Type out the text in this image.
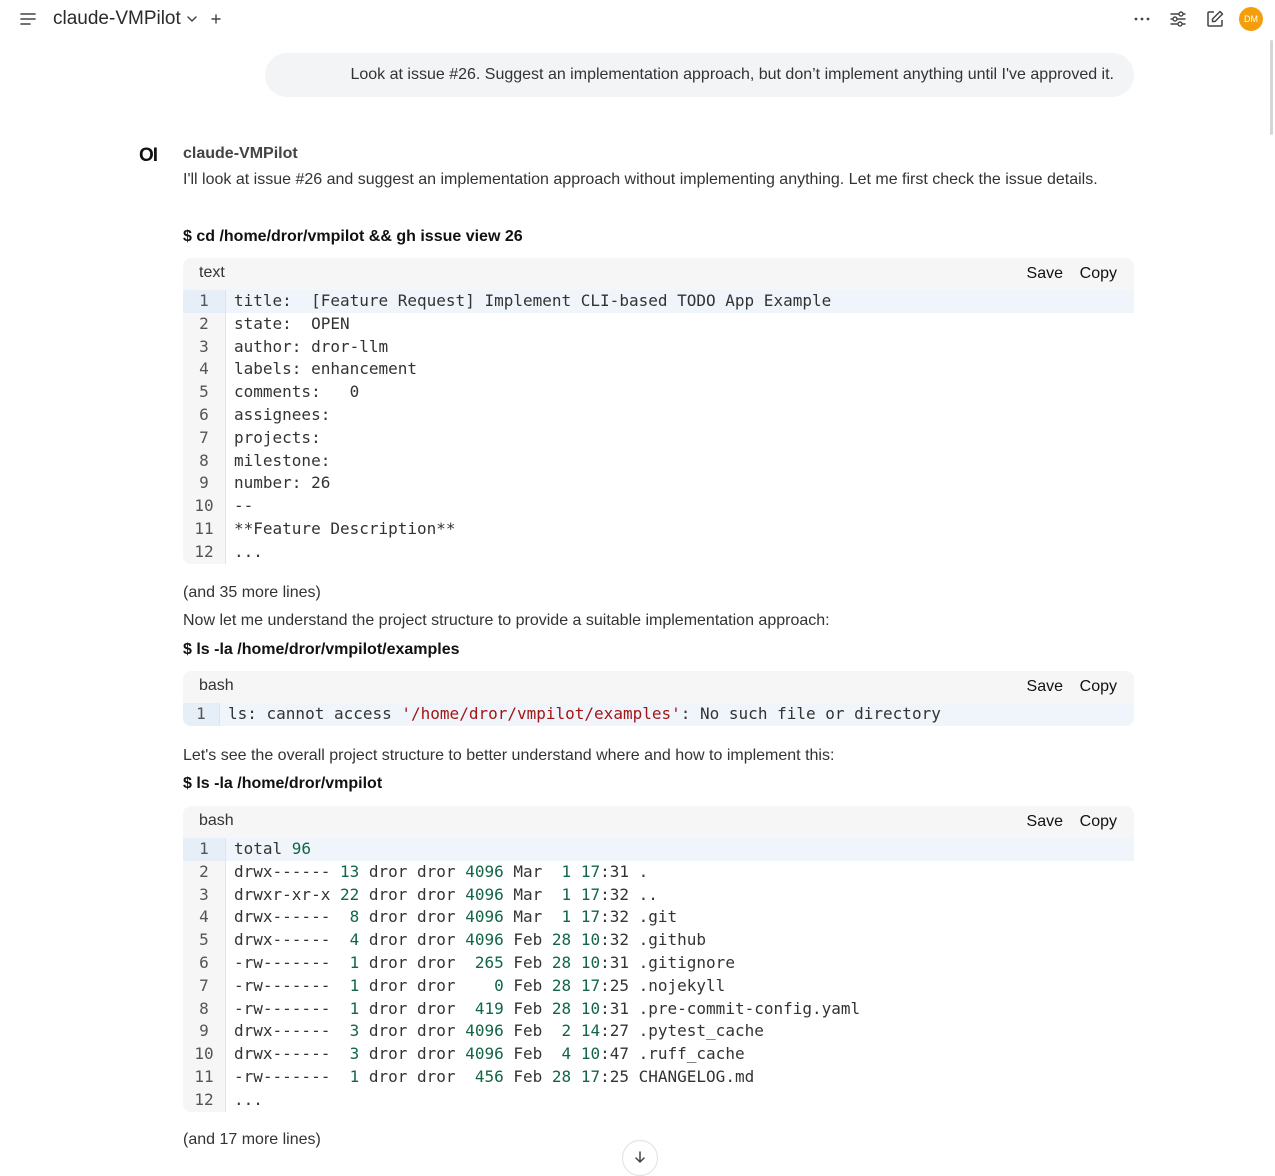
claude-VMPilot	DM
Look at issue #26. Suggest an implementation approach, but don’t implement anything until I've approved it.
OI claude-VMPilot
I'll look at issue #26 and suggest an implementation approach without implementing anything. Let me first check the issue details.
$ cd /home/dror/vmpilot && gh issue view 26
text	Save Copy
1	title:  [Feature Request] Implement CLI-based TODO App Example
2	state:  OPEN
3	author: dror-llm
4	labels: enhancement
5	comments:   0
6	assignees:
7	projects:
8	milestone:
9	number: 26
10	--
11	**Feature Description**
12	...
(and 35 more lines)
Now let me understand the project structure to provide a suitable implementation approach:
$ ls -la /home/dror/vmpilot/examples
bash	Save Copy
1	ls: cannot access '/home/dror/vmpilot/examples': No such file or directory
Let's see the overall project structure to better understand where and how to implement this:
$ ls -la /home/dror/vmpilot
bash	Save Copy
1	total 96
2	drwx------ 13 dror dror 4096 Mar  1 17:31 .
3	drwxr-xr-x 22 dror dror 4096 Mar  1 17:32 ..
4	drwx------  8 dror dror 4096 Mar  1 17:32 .git
5	drwx------  4 dror dror 4096 Feb 28 10:32 .github
6	-rw-------  1 dror dror  265 Feb 28 10:31 .gitignore
7	-rw-------  1 dror dror    0 Feb 28 17:25 .nojekyll
8	-rw-------  1 dror dror  419 Feb 28 10:31 .pre-commit-config.yaml
9	drwx------  3 dror dror 4096 Feb  2 14:27 .pytest_cache
10	drwx------  3 dror dror 4096 Feb  4 10:47 .ruff_cache
11	-rw-------  1 dror dror  456 Feb 28 17:25 CHANGELOG.md
12	...
(and 17 more lines)
